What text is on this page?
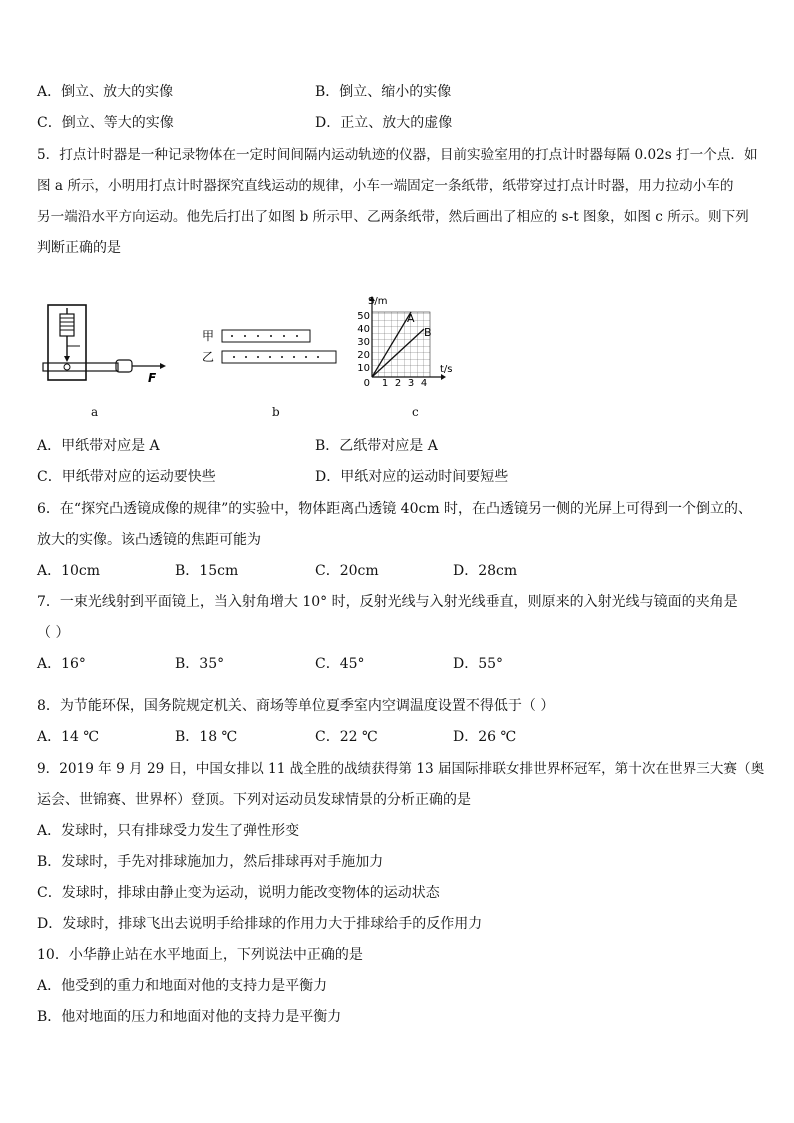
A．倒立、放大的实像	B．倒立、缩小的实像
C．倒立、等大的实像	D．正立、放大的虚像
5．打点计时器是一种记录物体在一定时间间隔内运动轨迹的仪器，目前实验室用的打点计时器每隔 0.02s 打一个点．如
图 a 所示，小明用打点计时器探究直线运动的规律，小车一端固定一条纸带，纸带穿过打点计时器，用力拉动小车的
另一端沿水平方向运动。他先后打出了如图 b 所示甲、乙两条纸带，然后画出了相应的 s-t 图象，如图 c 所示。则下列
判断正确的是
F
a
甲
乙
b
S/m
t/s
50
40
30
20
10
0 1 2 3 4
A
B
c
A．甲纸带对应是 A	B．乙纸带对应是 A
C．甲纸带对应的运动要快些	D．甲纸对应的运动时间要短些
6．在“探究凸透镜成像的规律”的实验中，物体距离凸透镜 40cm 时，在凸透镜另一侧的光屏上可得到一个倒立的、
放大的实像。该凸透镜的焦距可能为
A．10cm	B．15cm	C．20cm	D．28cm
7．一束光线射到平面镜上，当入射角增大 10° 时，反射光线与入射光线垂直，则原来的入射光线与镜面的夹角是
（ ）
A．16°	B．35°	C．45°	D．55°
8．为节能环保，国务院规定机关、商场等单位夏季室内空调温度设置不得低于（ ）
A．14 ℃	B．18 ℃	C．22 ℃	D．26 ℃
9．2019 年 9 月 29 日，中国女排以 11 战全胜的战绩获得第 13 届国际排联女排世界杯冠军，第十次在世界三大赛（奥
运会、世锦赛、世界杯）登顶。下列对运动员发球情景的分析正确的是
A．发球时，只有排球受力发生了弹性形变
B．发球时，手先对排球施加力，然后排球再对手施加力
C．发球时，排球由静止变为运动，说明力能改变物体的运动状态
D．发球时，排球飞出去说明手给排球的作用力大于排球给手的反作用力
10．小华静止站在水平地面上，下列说法中正确的是
A．他受到的重力和地面对他的支持力是平衡力
B．他对地面的压力和地面对他的支持力是平衡力
